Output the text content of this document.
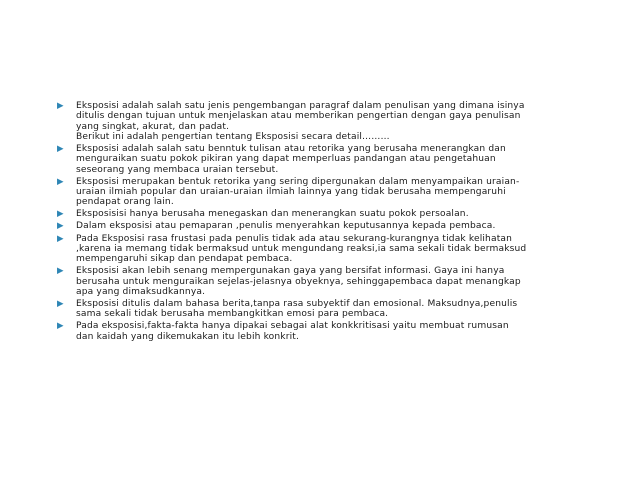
▶ Eksposisi adalah salah satu jenis pengembangan paragraf dalam penulisan yang dimana isinya
ditulis dengan tujuan untuk menjelaskan atau memberikan pengertian dengan gaya penulisan
yang singkat, akurat, dan padat.
Berikut ini adalah pengertian tentang Eksposisi secara detail………
▶ Eksposisi adalah salah satu benntuk tulisan atau retorika yang berusaha menerangkan dan
menguraikan suatu pokok pikiran yang dapat memperluas pandangan atau pengetahuan
seseorang yang membaca uraian tersebut.
▶ Eksposisi merupakan bentuk retorika yang sering dipergunakan dalam menyampaikan uraian-
uraian ilmiah popular dan uraian-uraian ilmiah lainnya yang tidak berusaha mempengaruhi
pendapat orang lain.
▶ Eksposisisi hanya berusaha menegaskan dan menerangkan suatu pokok persoalan.
▶ Dalam eksposisi atau pemaparan ,penulis menyerahkan keputusannya kepada pembaca.
▶ Pada Eksposisi rasa frustasi pada penulis tidak ada atau sekurang-kurangnya tidak kelihatan
,karena ia memang tidak bermaksud untuk mengundang reaksi,ia sama sekali tidak bermaksud
mempengaruhi sikap dan pendapat pembaca.
▶ Eksposisi akan lebih senang mempergunakan gaya yang bersifat informasi. Gaya ini hanya
berusaha untuk menguraikan sejelas-jelasnya obyeknya, sehinggapembaca dapat menangkap
apa yang dimaksudkannya.
▶ Eksposisi ditulis dalam bahasa berita,tanpa rasa subyektif dan emosional. Maksudnya,penulis
sama sekali tidak berusaha membangkitkan emosi para pembaca.
▶ Pada eksposisi,fakta-fakta hanya dipakai sebagai alat konkkritisasi yaitu membuat rumusan
dan kaidah yang dikemukakan itu lebih konkrit.
